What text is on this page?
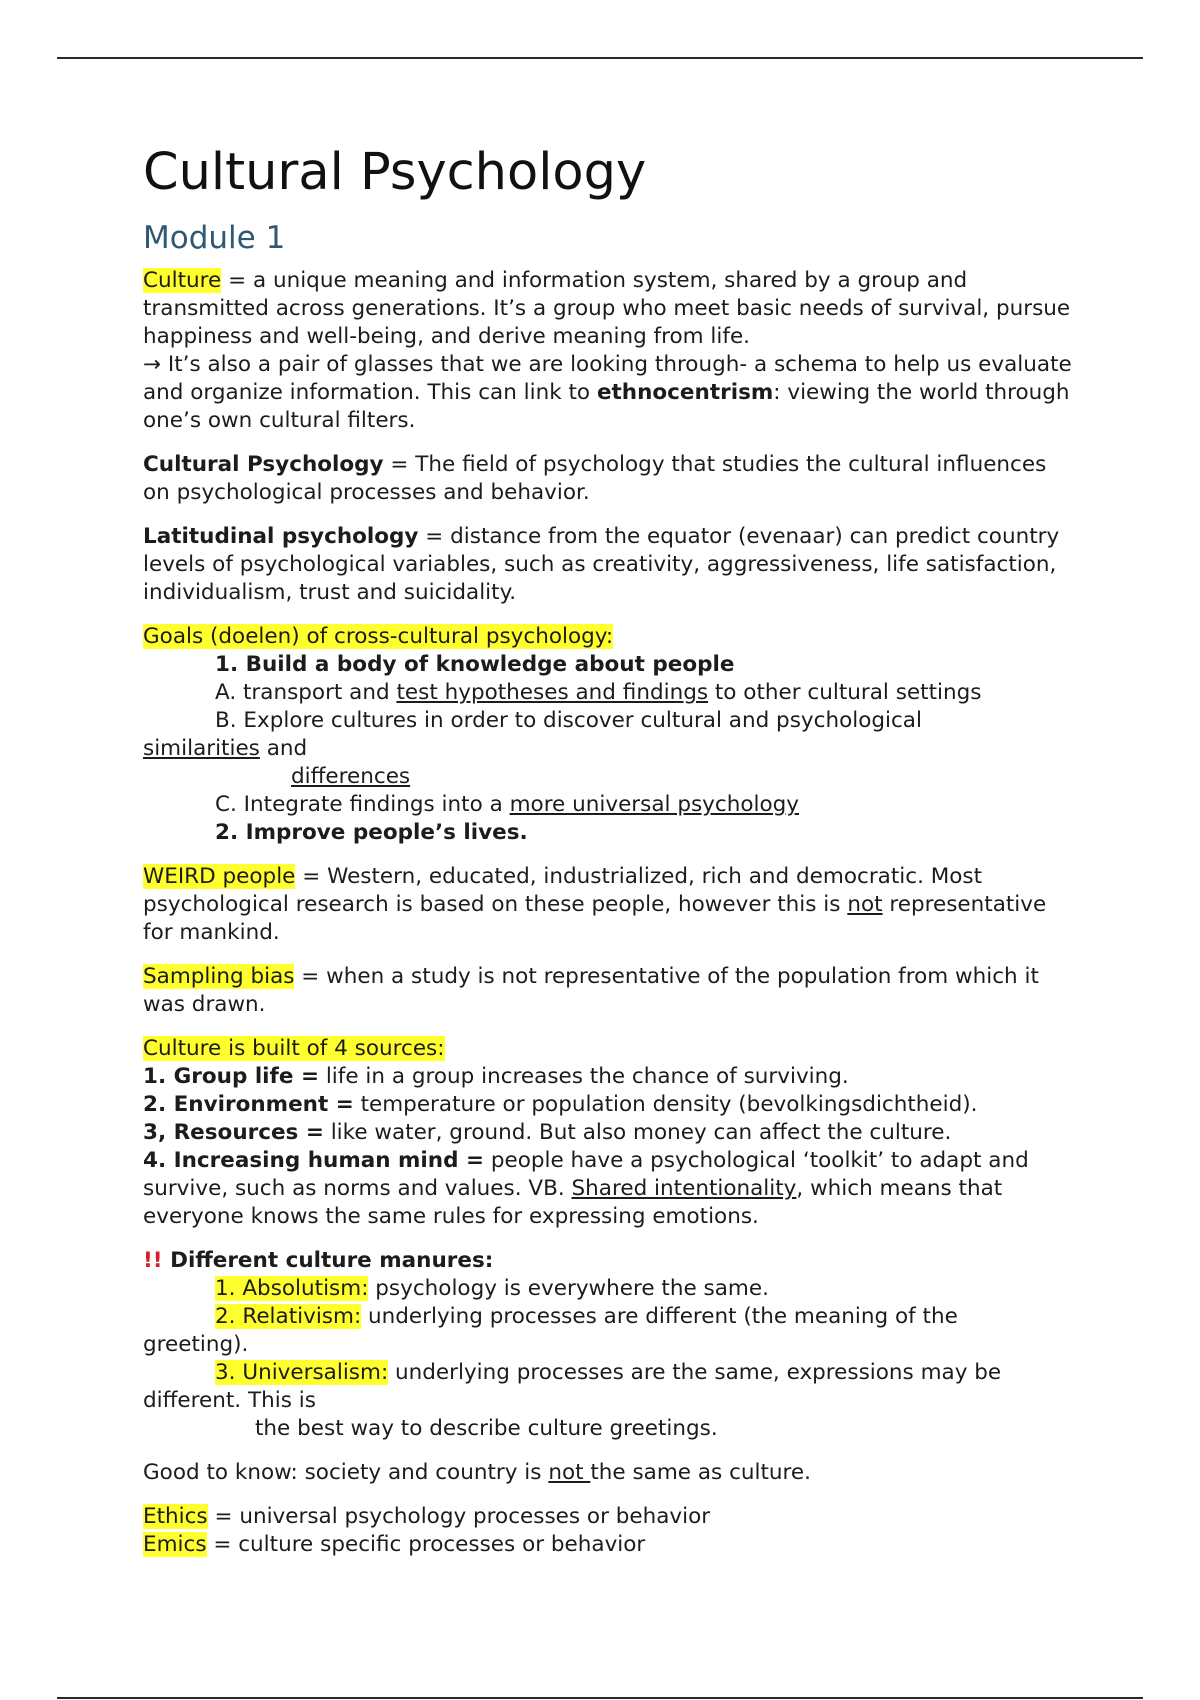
Cultural Psychology
Module 1

Culture = a unique meaning and information system, shared by a group and transmitted across generations. It’s a group who meet basic needs of survival, pursue happiness and well-being, and derive meaning from life.

→ It’s also a pair of glasses that we are looking through- a schema to help us evaluate and organize information. This can link to ethnocentrism: viewing the world through one’s own cultural filters.

Cultural Psychology = The field of psychology that studies the cultural influences on psychological processes and behavior.

Latitudinal psychology = distance from the equator (evenaar) can predict country levels of psychological variables, such as creativity, aggressiveness, life satisfaction, individualism, trust and suicidality.

Goals (doelen) of cross-cultural psychology:

1. Build a body of knowledge about people

A. transport and test hypotheses and findings to other cultural settings

B. Explore cultures in order to discover cultural and psychological

similarities and

differences

C. Integrate findings into a more universal psychology

2. Improve people’s lives.

WEIRD people = Western, educated, industrialized, rich and democratic. Most psychological research is based on these people, however this is not representative for mankind.

Sampling bias = when a study is not representative of the population from which it was drawn.

Culture is built of 4 sources:

1. Group life = life in a group increases the chance of surviving.

2. Environment = temperature or population density (bevolkingsdichtheid).

3, Resources = like water, ground. But also money can affect the culture.

4. Increasing human mind = people have a psychological ‘toolkit’ to adapt and survive, such as norms and values. VB. Shared intentionality, which means that everyone knows the same rules for expressing emotions.

!! Different culture manures:

1. Absolutism: psychology is everywhere the same.

2. Relativism: underlying processes are different (the meaning of the

greeting).

3. Universalism: underlying processes are the same, expressions may be

different. This is

the best way to describe culture greetings.

Good to know: society and country is not the same as culture.

Ethics = universal psychology processes or behavior

Emics = culture specific processes or behavior
